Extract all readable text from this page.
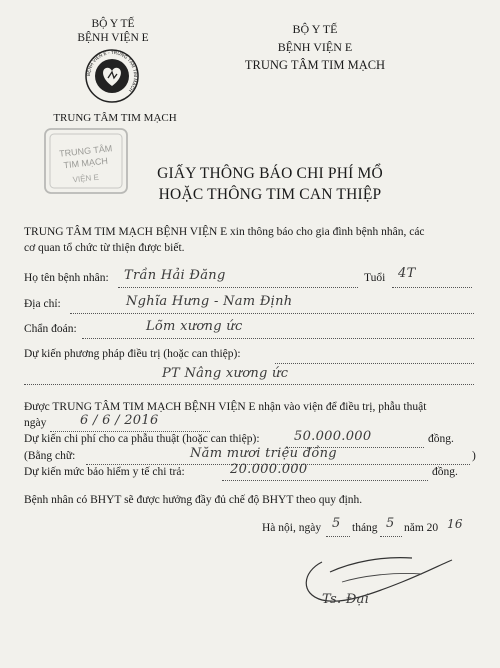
BỘ Y TẾ
BỆNH VIỆN E
BỆNH VIỆN E - TRUNG TÂM TIM MẠCH
TRUNG TÂM TIM MẠCH
TRUNG TÂM
TIM MẠCH
VIỆN E
BỘ Y TẾ
BỆNH VIỆN E
TRUNG TÂM TIM MẠCH
GIẤY THÔNG BÁO CHI PHÍ MỔ
HOẶC THÔNG TIM CAN THIỆP
TRUNG TÂM TIM MẠCH BỆNH VIỆN E xin thông báo cho gia đình bệnh nhân, các
cơ quan tổ chức từ thiện được biết.
Họ tên bệnh nhân: Trần Hải Đăng	Tuổi 4T
Địa chỉ:	Nghĩa Hưng - Nam Định
Chẩn đoán:	Lõm xương ức
Dự kiến phương pháp điều trị (hoặc can thiệp):
PT Nâng xương ức
Được TRUNG TÂM TIM MẠCH BỆNH VIỆN E nhận vào viện để điều trị, phẫu thuật
ngày	6 / 6 / 2016
Dự kiến chi phí cho ca phẫu thuật (hoặc can thiệp):	50.000.000	đồng.
(Bằng chữ:	Năm mươi triệu đồng	)
Dự kiến mức bảo hiểm y tế chi trả:	20.000.000	đồng.
Bệnh nhân có BHYT sẽ được hưởng đầy đủ chế độ BHYT theo quy định.
Hà nội, ngày 5 tháng 5 năm 20 16
Ts. Đại
